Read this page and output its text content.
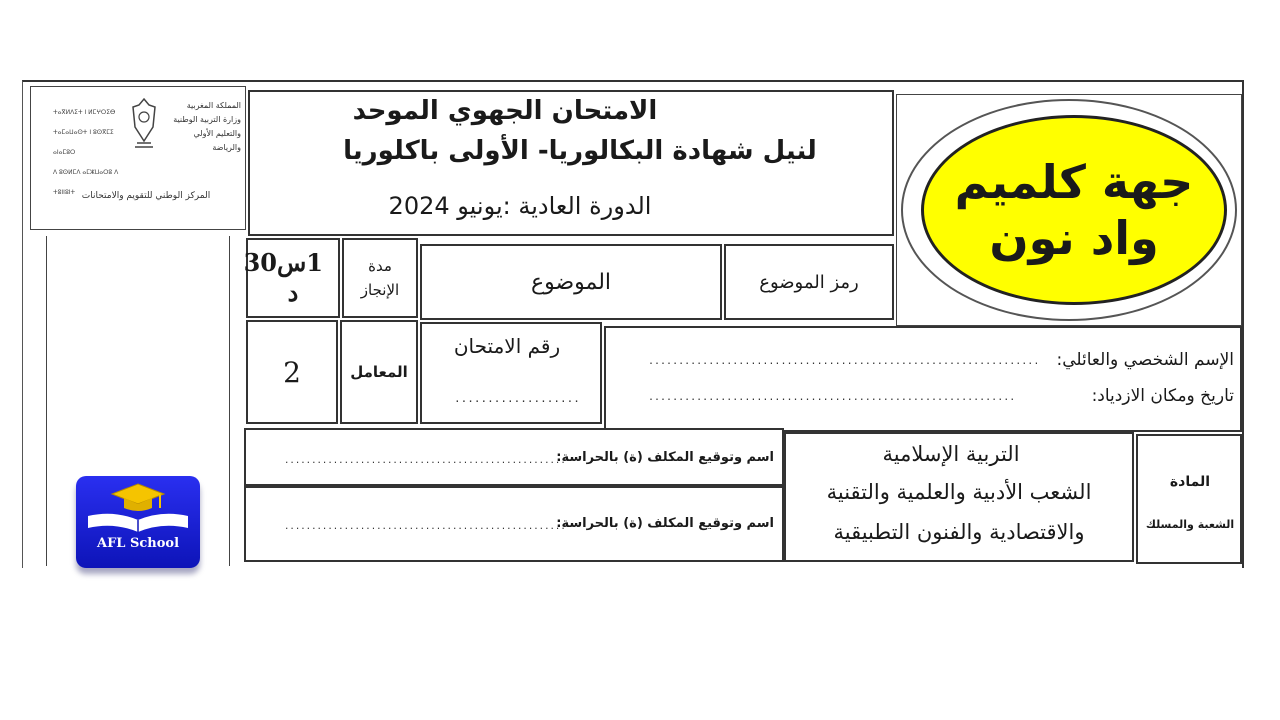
المملكة المغربية
وزارة التربية الوطنية
والتعليم الأولي والرياضة
ⵜⴰⴳⵍⴷⵉⵜ ⵏ ⵍⵎⵖⵔⵉⴱ
ⵜⴰⵎⴰⵡⴰⵙⵜ ⵏ ⵓⵙⴳⵎⵉ ⴰⵏⴰⵎⵓⵔ
ⴷ ⵓⵙⵍⵎⴷ ⴰⵎⵣⵡⴰⵔⵓ ⴷ ⵜⵓⵏⵏⵓⵏⵜ المركز الوطني للتقويم والامتحانات
الامتحان الجهوي الموحد
لنيل شهادة البكالوريا- الأولى باكلوريا
الدورة العادية :يونيو 2024	جهة كلميم
واد نون
1س30 د
مدة الإنجاز	الموضوع	رمز الموضوع
2	المعامل
رقم الامتحان
...................
الإسم الشخصي والعائلي:
.................................................................
تاريخ ومكان الازدياد:
.............................................................
اسم وتوقيع المكلف (ة) بالحراسة:
....................................................
اسم وتوقيع المكلف (ة) بالحراسة:
....................................................
التربية الإسلامية
الشعب الأدبية والعلمية والتقنية
والاقتصادية والفنون التطبيقية
المادة
الشعبة والمسلك
AFL School
